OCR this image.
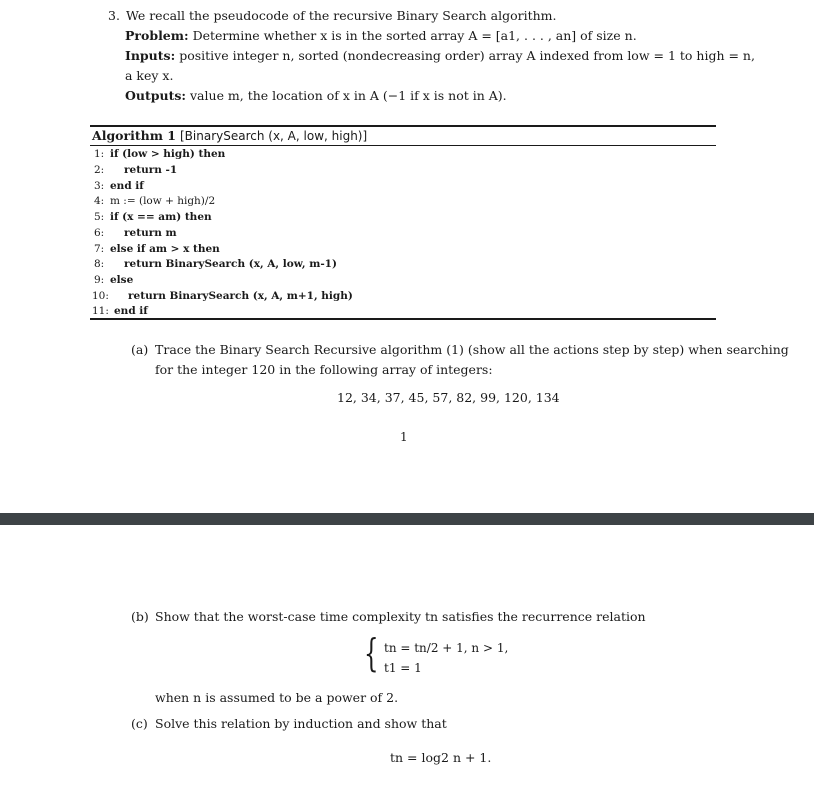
3. We recall the pseudocode of the recursive Binary Search algorithm.
Problem: Determine whether x is in the sorted array A = [a1, . . . , an] of size n.
Inputs: positive integer n, sorted (nondecreasing order) array A indexed from low = 1 to high = n,
a key x.
Outputs: value m, the location of x in A (−1 if x is not in A).
Algorithm 1 [BinarySearch (x, A, low, high)]
1: if (low > high) then
2: return -1
3: end if
4: m := (low + high)/2
5: if (x == am) then
6: return m
7: else if am > x then
8: return BinarySearch (x, A, low, m-1)
9: else
10: return BinarySearch (x, A, m+1, high)
11: end if
(a) Trace the Binary Search Recursive algorithm (1) (show all the actions step by step) when searching
for the integer 120 in the following array of integers:
12, 34, 37, 45, 57, 82, 99, 120, 134
1
(b) Show that the worst-case time complexity tn satisfies the recurrence relation
{ tn = tn/2 + 1, n > 1,
t1 = 1
when n is assumed to be a power of 2.
(c) Solve this relation by induction and show that
tn = log2 n + 1.
